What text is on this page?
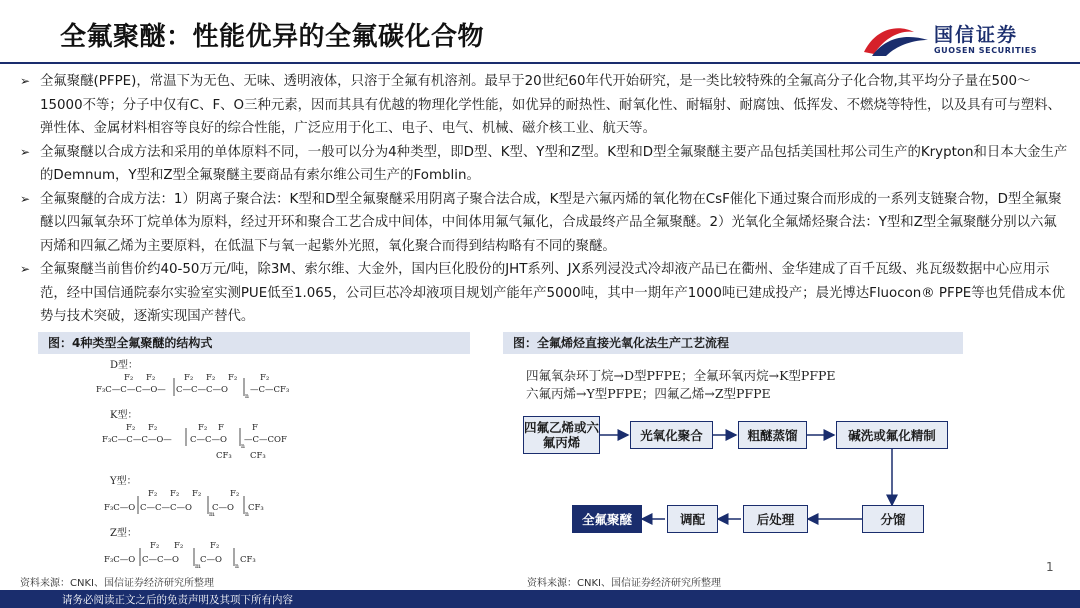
全氟聚醚：性能优异的全氟碳化合物	国信证券
GUOSEN SECURITIES
➢ 全氟聚醚(PFPE)，常温下为无色、无味、透明液体，只溶于全氟有机溶剂。最早于20世纪60年代开始研究，是一类比较特殊的全氟高分子化合物,其平均分子量在500～15000不等；分子中仅有C、F、O三种元素，因而其具有优越的物理化学性能，如优异的耐热性、耐氧化性、耐辐射、耐腐蚀、低挥发、不燃烧等特性，以及具有可与塑料、弹性体、金属材料相容等良好的综合性能，广泛应用于化工、电子、电气、机械、磁介核工业、航天等。
➢ 全氟聚醚以合成方法和采用的单体原料不同，一般可以分为4种类型，即D型、K型、Y型和Z型。K型和D型全氟聚醚主要产品包括美国杜邦公司生产的Krypton和日本大金生产的Demnum，Y型和Z型全氟聚醚主要商品有索尔维公司生产的Fomblin。
➢ 全氟聚醚的合成方法：1）阴离子聚合法：K型和D型全氟聚醚采用阴离子聚合法合成，K型是六氟丙烯的氧化物在CsF催化下通过聚合而形成的一系列支链聚合物，D型全氟聚醚以四氟氧杂环丁烷单体为原料，经过开环和聚合工艺合成中间体，中间体用氟气氟化，合成最终产品全氟聚醚。2）光氧化全氟烯烃聚合法：Y型和Z型全氟聚醚分别以六氟丙烯和四氟乙烯为主要原料，在低温下与氧一起紫外光照，氧化聚合而得到结构略有不同的聚醚。
➢ 全氟聚醚当前售价约40-50万元/吨，除3M、索尔维、大金外，国内巨化股份的JHT系列、JX系列浸没式冷却液产品已在衢州、金华建成了百千瓦级、兆瓦级数据中心应用示范，经中国信通院泰尔实验室实测PUE低至1.065，公司巨芯冷却液项目规划产能年产5000吨，其中一期年产1000吨已建成投产；晨光博达Fluocon® PFPE等也凭借成本优势与技术突破，逐渐实现国产替代。
图：4种类型全氟聚醚的结构式
D型：
F₂ F₂	F₂ F₂ F₂	F₂
F₃C—C—C—O— C—C—C—O	—C—CF₃
n
K型：
F₂ F₂	F₂ F	F
F₃C—C—C—O— C—C—O —C—COF
n
CF₃ CF₃
Y型：
F₂ F₂ F₂	F₂
F₃C—O C—C—C—O C—O CF₃
m	n
Z型：
F₂ F₂	F₂
F₃C—O C—C—O C—O CF₃
m	n
资料来源：CNKI、国信证券经济研究所整理
图：全氟烯烃直接光氧化法生产工艺流程
四氟氧杂环丁烷→D型PFPE；全氟环氧丙烷→K型PFPE
六氟丙烯→Y型PFPE；四氟乙烯→Z型PFPE
四氟乙烯或六氟丙烯	光氧化聚合	粗醚蒸馏	碱洗或氟化精制
分馏
后处理
调配
全氟聚醚
资料来源：CNKI、国信证券经济研究所整理
1
请务必阅读正文之后的免责声明及其项下所有内容
